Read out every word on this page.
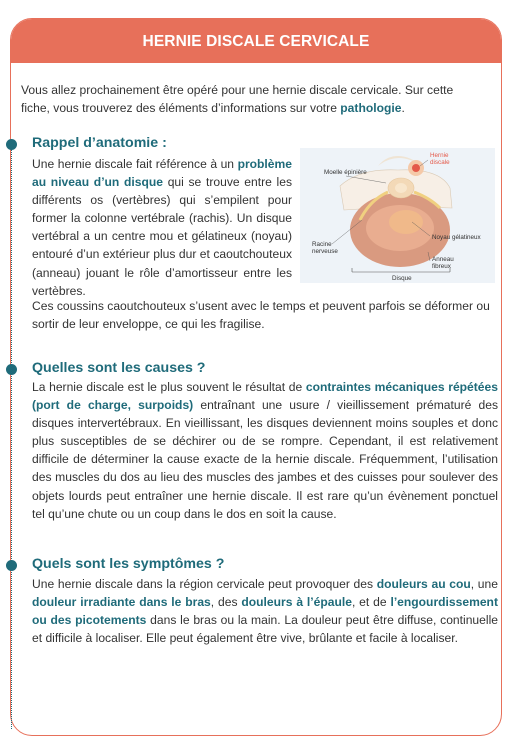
HERNIE DISCALE CERVICALE
Vous allez prochainement être opéré pour une hernie discale cervicale. Sur cette fiche, vous trouverez des éléments d’informations sur votre pathologie.
Rappel d’anatomie :
Une hernie discale fait référence à un problème au niveau d’un disque qui se trouve entre les différents os (vertèbres) qui s’empilent pour former la colonne vertébrale (rachis). Un disque vertébral a un centre mou et gélatineux (noyau) entouré d’un extérieur plus dur et caoutchouteux (anneau) jouant le rôle d’amortisseur entre les vertèbres.
Ces coussins caoutchouteux s’usent avec le temps et peuvent parfois se déformer ou sortir de leur enveloppe, ce qui les fragilise.
Moelle épinière
Hernie discale
Racine nerveuse
Noyau gélatineux
Anneau fibreux
Disque
Quelles sont les causes ?
La hernie discale est le plus souvent le résultat de contraintes mécaniques répétées (port de charge, surpoids) entraînant une usure / vieillissement prématuré des disques intervertébraux. En vieillissant, les disques deviennent moins souples et donc plus susceptibles de se déchirer ou de se rompre. Cependant, il est relativement difficile de déterminer la cause exacte de la hernie discale. Fréquemment, l’utilisation des muscles du dos au lieu des muscles des jambes et des cuisses pour soulever des objets lourds peut entraîner une hernie discale. Il est rare qu’un évènement ponctuel tel qu’une chute ou un coup dans le dos en soit la cause.
Quels sont les symptômes ?
Une hernie discale dans la région cervicale peut provoquer des douleurs au cou, une douleur irradiante dans le bras, des douleurs à l’épaule, et de l’engourdissement ou des picotements dans le bras ou la main. La douleur peut être diffuse, continuelle et difficile à localiser. Elle peut également être vive, brûlante et facile à localiser.
